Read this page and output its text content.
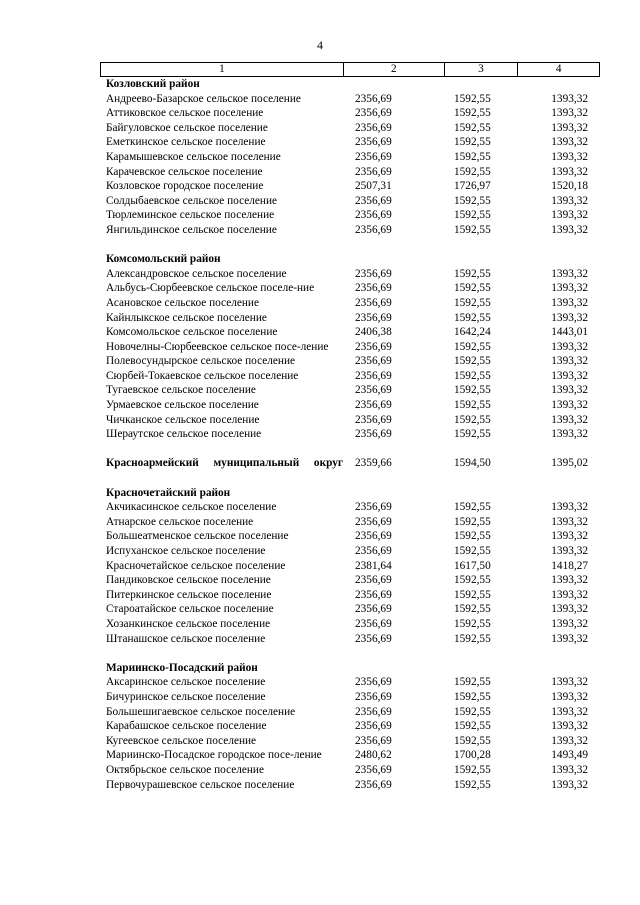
4
1	2	3	4
Козловский район
Андреево-Базарское сельское поселение	2356,69	1592,55	1393,32
Аттиковское сельское поселение	2356,69	1592,55	1393,32
Байгуловское сельское поселение	2356,69	1592,55	1393,32
Еметкинское сельское поселение	2356,69	1592,55	1393,32
Карамышевское сельское поселение	2356,69	1592,55	1393,32
Карачевское сельское поселение	2356,69	1592,55	1393,32
Козловское городское поселение	2507,31	1726,97	1520,18
Солдыбаевское сельское поселение	2356,69	1592,55	1393,32
Тюрлеминское сельское поселение	2356,69	1592,55	1393,32
Янгильдинское сельское поселение	2356,69	1592,55	1393,32
Комсомольский район
Александровское сельское поселение	2356,69	1592,55	1393,32
Альбусь-Сюрбеевское сельское поселе-ние	2356,69	1592,55	1393,32
Асановское сельское поселение	2356,69	1592,55	1393,32
Кайнлыкское сельское поселение	2356,69	1592,55	1393,32
Комсомольское сельское поселение	2406,38	1642,24	1443,01
Новочелны-Сюрбеевское сельское посе-ление	2356,69	1592,55	1393,32
Полевосундырское сельское поселение	2356,69	1592,55	1393,32
Сюрбей-Токаевское сельское поселение	2356,69	1592,55	1393,32
Тугаевское сельское поселение	2356,69	1592,55	1393,32
Урмаевское сельское поселение	2356,69	1592,55	1393,32
Чичканское сельское поселение	2356,69	1592,55	1393,32
Шераутское сельское поселение	2356,69	1592,55	1393,32
Красноармейский муниципальный округ	2359,66	1594,50	1395,02
Красночетайский район
Акчикасинское сельское поселение	2356,69	1592,55	1393,32
Атнарское сельское поселение	2356,69	1592,55	1393,32
Большеатменское сельское поселение	2356,69	1592,55	1393,32
Испуханское сельское поселение	2356,69	1592,55	1393,32
Красночетайское сельское поселение	2381,64	1617,50	1418,27
Пандиковское сельское поселение	2356,69	1592,55	1393,32
Питеркинское сельское поселение	2356,69	1592,55	1393,32
Староатайское сельское поселение	2356,69	1592,55	1393,32
Хозанкинское сельское поселение	2356,69	1592,55	1393,32
Штанашское сельское поселение	2356,69	1592,55	1393,32
Мариинско-Посадский район
Аксаринское сельское поселение	2356,69	1592,55	1393,32
Бичуринское сельское поселение	2356,69	1592,55	1393,32
Большешигаевское сельское поселение	2356,69	1592,55	1393,32
Карабашское сельское поселение	2356,69	1592,55	1393,32
Кугеевское сельское поселение	2356,69	1592,55	1393,32
Мариинско-Посадское городское посе-ление	2480,62	1700,28	1493,49
Октябрьское сельское поселение	2356,69	1592,55	1393,32
Первочурашевское сельское поселение	2356,69	1592,55	1393,32
